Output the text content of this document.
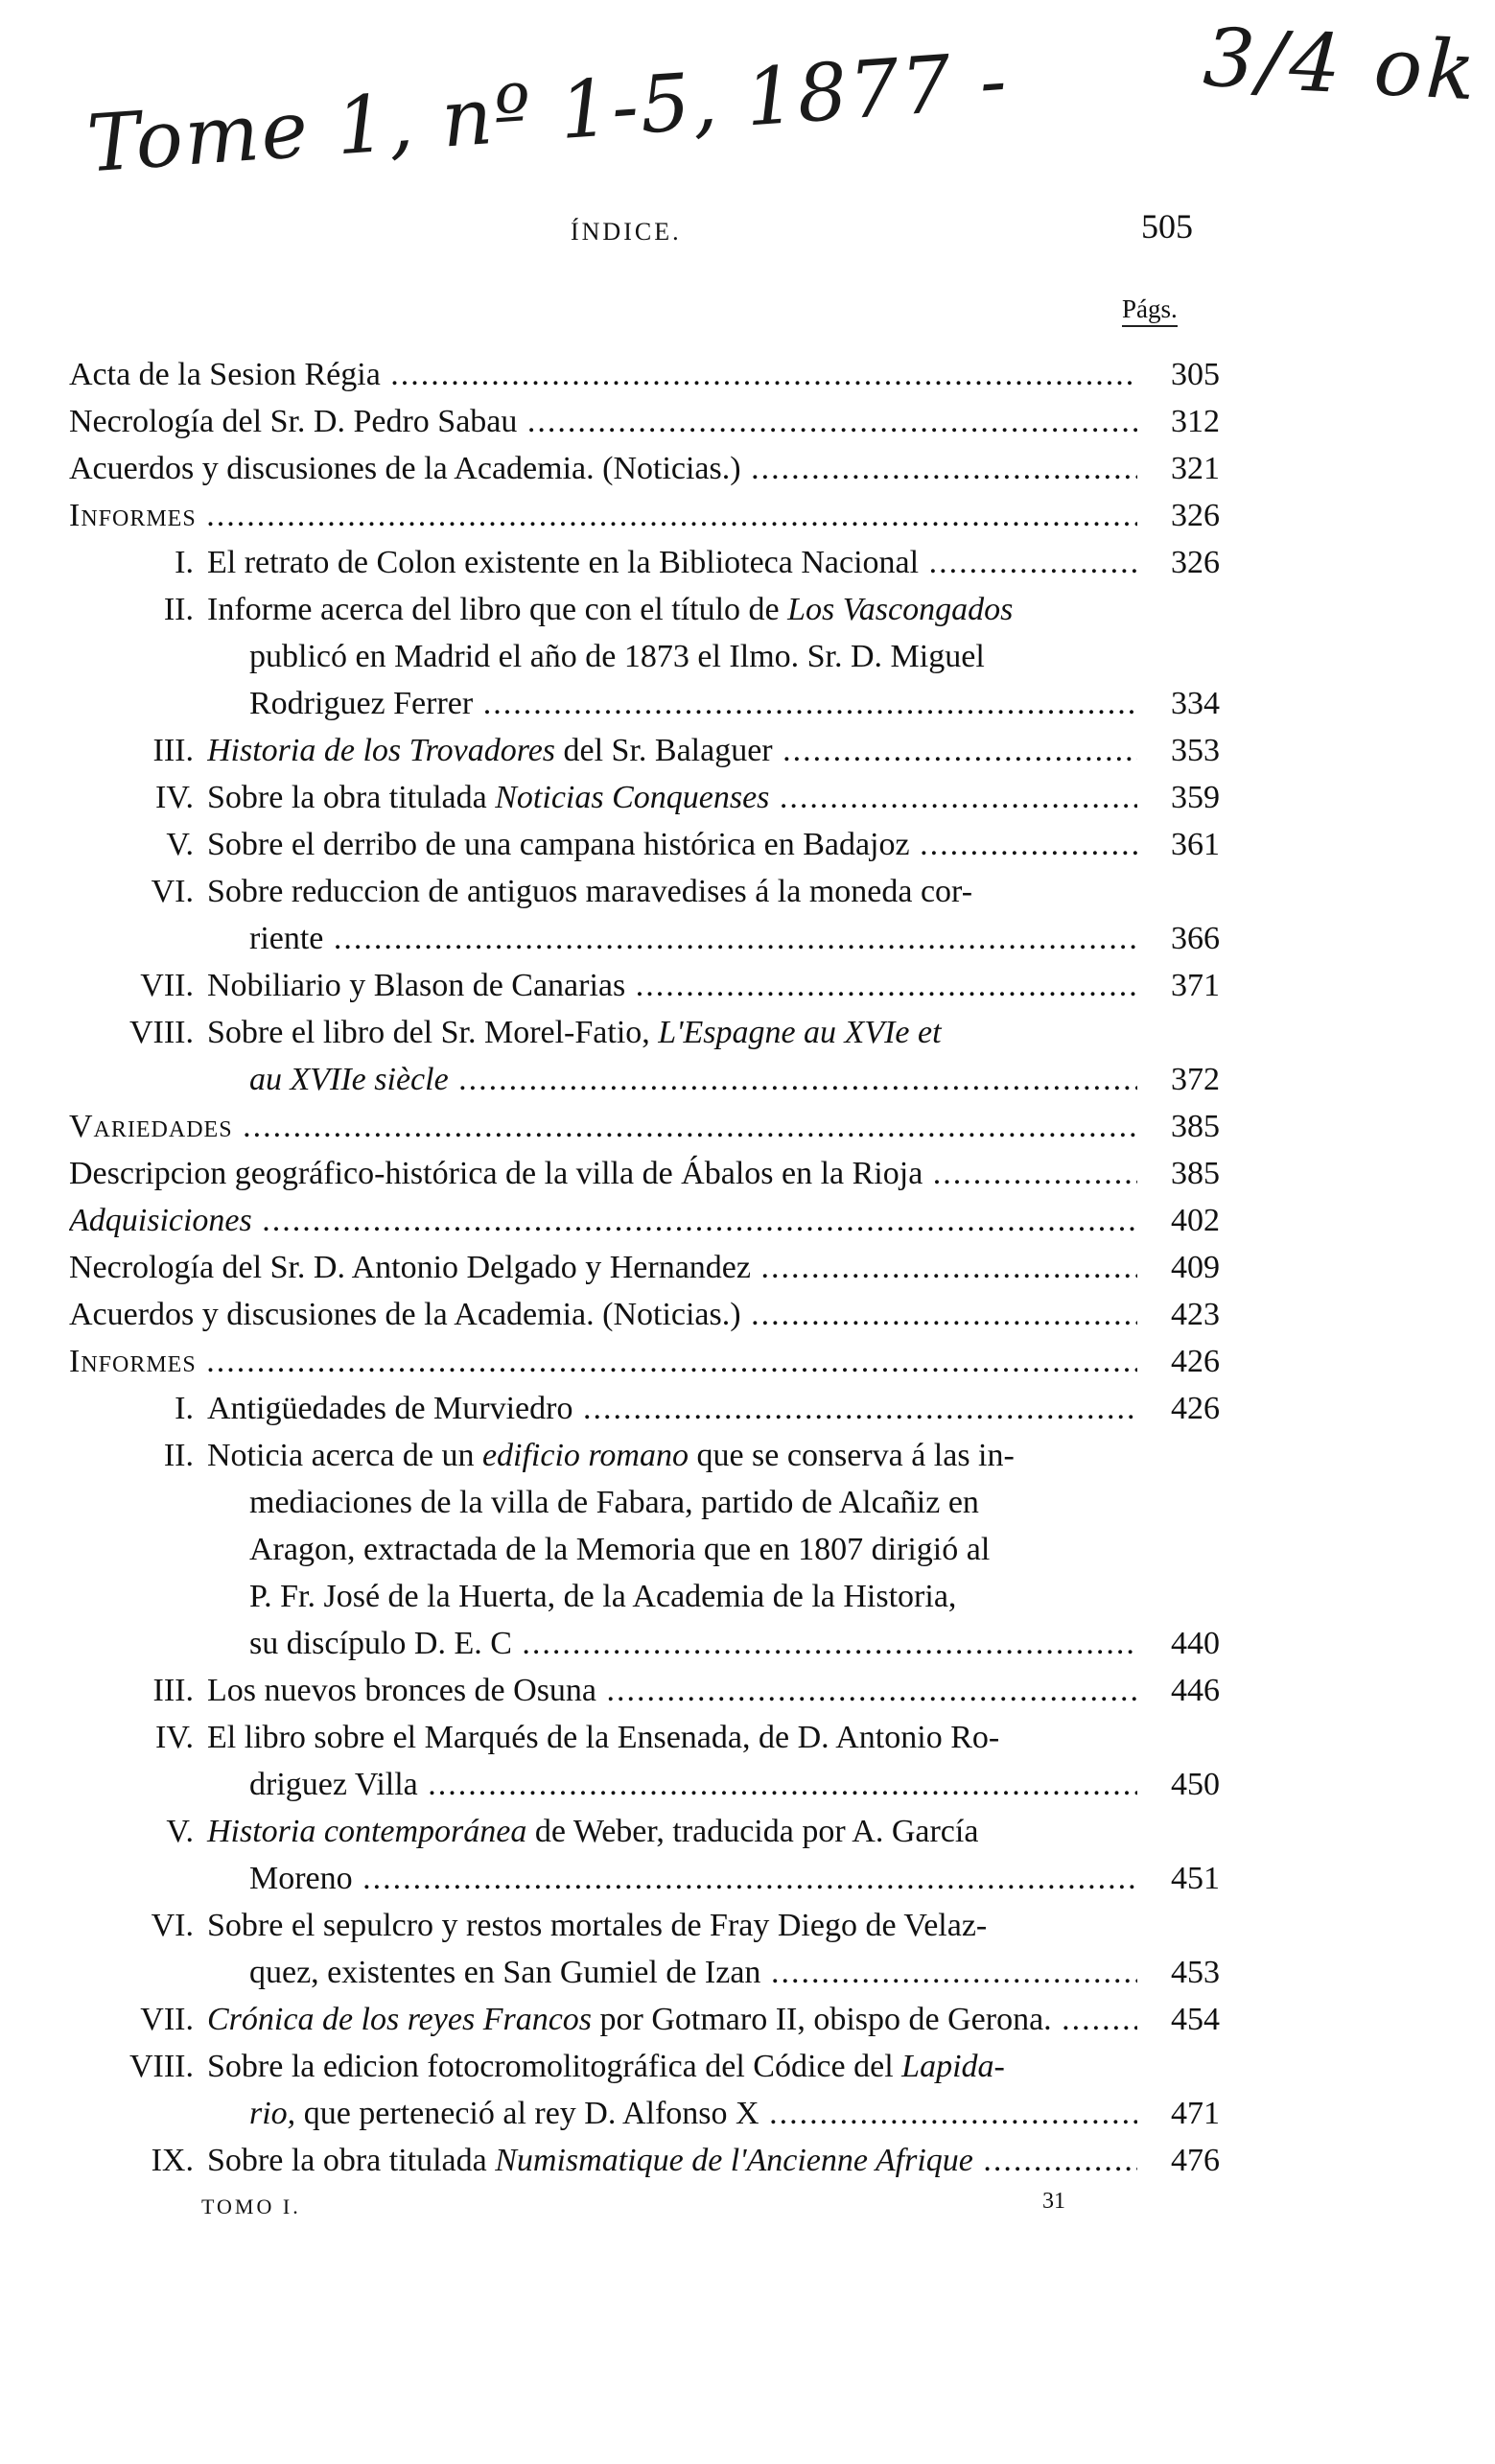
Tome 1, nº 1-5, 1877 - 3/4 ok
ÍNDICE.	505
Págs.
Acta de la Sesion Régia .....	305
Necrología del Sr. D. Pedro Sabau .....	312
Acuerdos y discusiones de la Academia. (Noticias.) .....	321
Informes .....	326
I. El retrato de Colon existente en la Biblioteca Nacional .....	326
II. Informe acerca del libro que con el título de Los Vascongados
publicó en Madrid el año de 1873 el Ilmo. Sr. D. Miguel
Rodriguez Ferrer .....	334
III. Historia de los Trovadores del Sr. Balaguer .....	353
IV. Sobre la obra titulada Noticias Conquenses .....	359
V. Sobre el derribo de una campana histórica en Badajoz .....	361
VI. Sobre reduccion de antiguos maravedises á la moneda cor-
riente .....	366
VII. Nobiliario y Blason de Canarias .....	371
VIII. Sobre el libro del Sr. Morel-Fatio, L'Espagne au XVIe et
au XVIIe siècle .....	372
Variedades .....	385
Descripcion geográfico-histórica de la villa de Ábalos en la Rioja .....	385
Adquisiciones .....	402
Necrología del Sr. D. Antonio Delgado y Hernandez .....	409
Acuerdos y discusiones de la Academia. (Noticias.) .....	423
Informes .....	426
I. Antigüedades de Murviedro .....	426
II. Noticia acerca de un edificio romano que se conserva á las in-
mediaciones de la villa de Fabara, partido de Alcañiz en
Aragon, extractada de la Memoria que en 1807 dirigió al
P. Fr. José de la Huerta, de la Academia de la Historia,
su discípulo D. E. C .....	440
III. Los nuevos bronces de Osuna .....	446
IV. El libro sobre el Marqués de la Ensenada, de D. Antonio Ro-
driguez Villa .....	450
V. Historia contemporánea de Weber, traducida por A. García
Moreno .....	451
VI. Sobre el sepulcro y restos mortales de Fray Diego de Velaz-
quez, existentes en San Gumiel de Izan .....	453
VII. Crónica de los reyes Francos por Gotmaro II, obispo de Gerona. .....	454
VIII. Sobre la edicion fotocromolitográfica del Códice del Lapida-
rio, que perteneció al rey D. Alfonso X .....	471
IX. Sobre la obra titulada Numismatique de l'Ancienne Afrique .....	476
TOMO I.	31
